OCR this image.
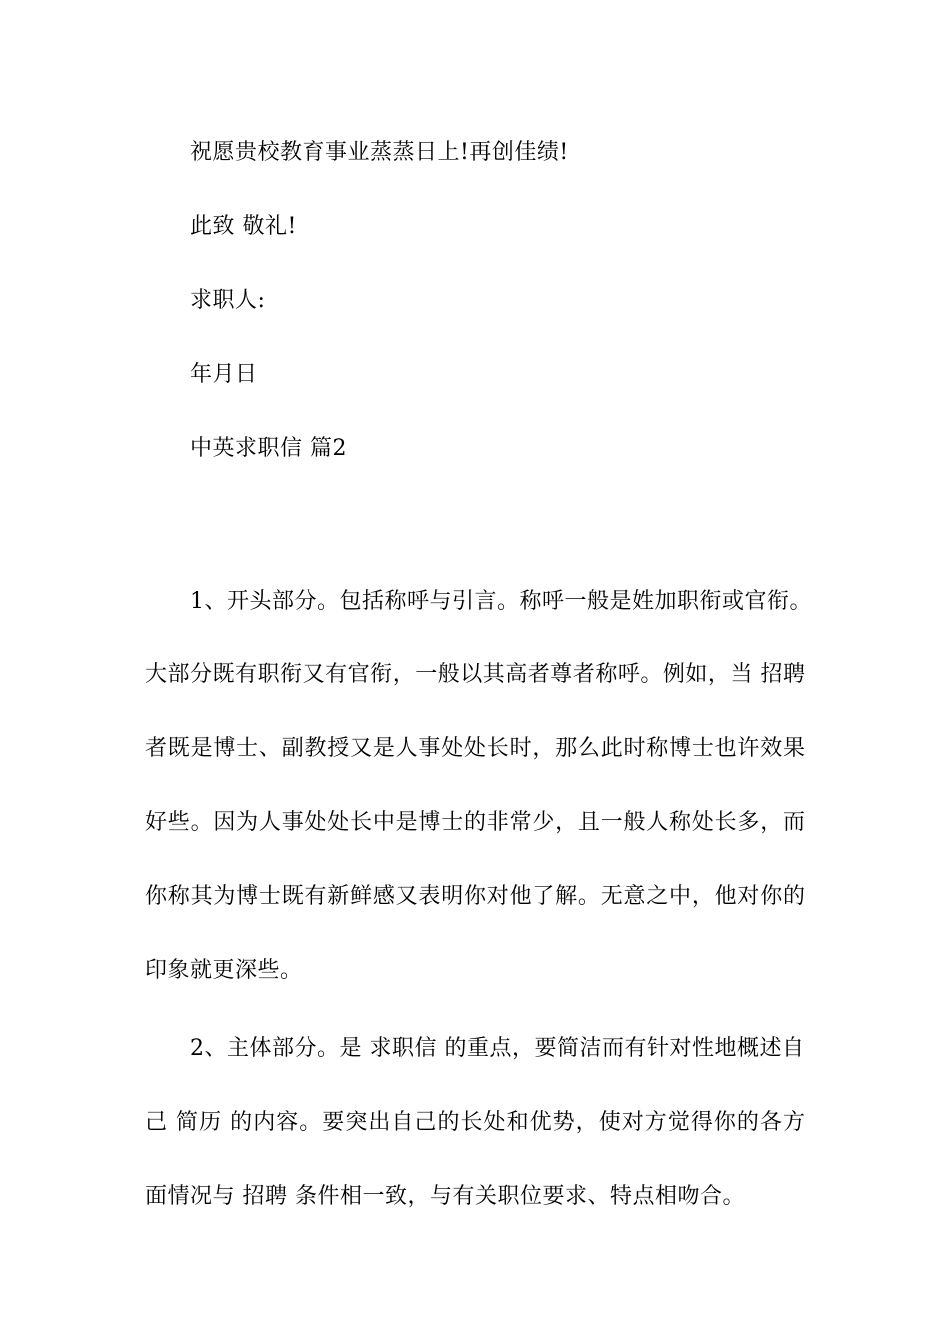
祝愿贵校教育事业蒸蒸日上!再创佳绩!
此致 敬礼!
求职人:
年月日
中英求职信 篇2
1、开头部分。包括称呼与引言。称呼一般是姓加职衔或官衔。
大部分既有职衔又有官衔，一般以其高者尊者称呼。例如，当 招聘
者既是博士、副教授又是人事处处长时，那么此时称博士也许效果
好些。因为人事处处长中是博士的非常少，且一般人称处长多，而
你称其为博士既有新鲜感又表明你对他了解。无意之中，他对你的
印象就更深些。
2、主体部分。是 求职信 的重点，要简洁而有针对性地概述自
己 简历 的内容。要突出自己的长处和优势，使对方觉得你的各方
面情况与 招聘 条件相一致，与有关职位要求、特点相吻合。
